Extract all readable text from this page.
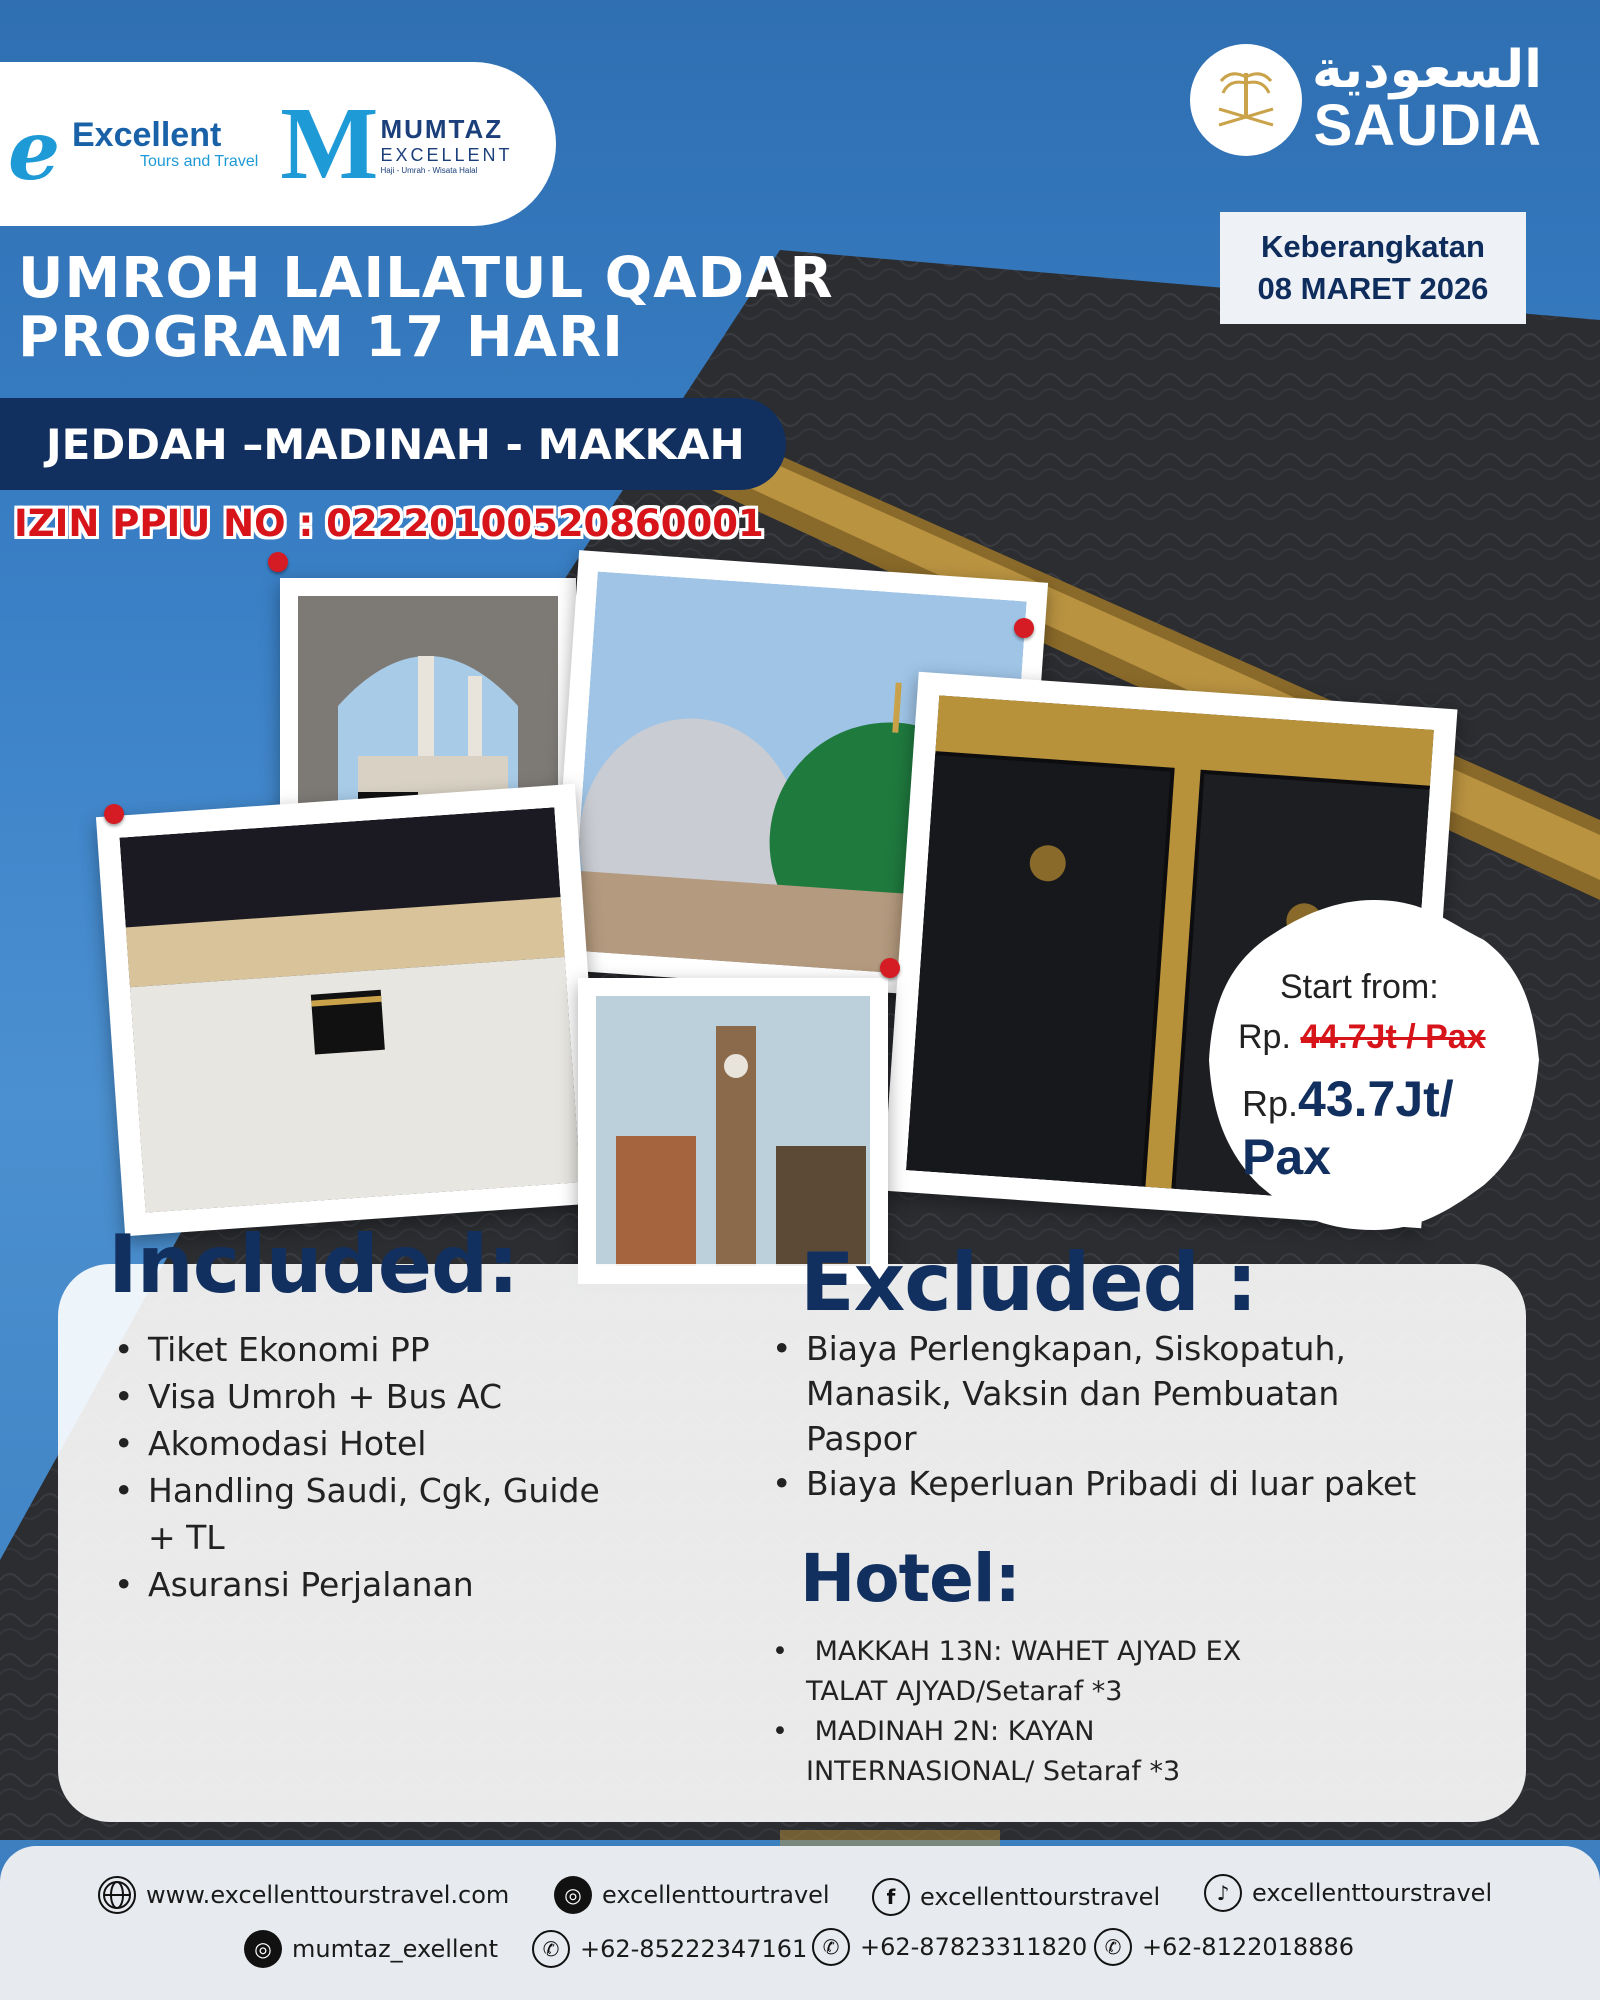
e Excellent
Tours and Travel M MUMTAZ
EXCELLENT
Haji - Umrah - Wisata Halal
السعودية
SAUDIA
Keberangkatan
08 MARET 2026
UMROH LAILATUL QADAR
PROGRAM 17 HARI
JEDDAH –MADINAH - MAKKAH
IZIN PPIU NO : 02220100520860001
Start from:
Rp. 44.7Jt / Pax
Rp.43.7Jt/ Pax
Included:	Excluded :
• Tiket Ekonomi PP
• Visa Umroh + Bus AC
• Akomodasi Hotel
• Handling Saudi, Cgk, Guide + TL
• Asuransi Perjalanan
• Biaya Perlengkapan, Siskopatuh, Manasik, Vaksin dan Pembuatan Paspor
• Biaya Keperluan Pribadi di luar paket
Hotel:
•  MAKKAH 13N: WAHET AJYAD EX TALAT AJYAD/Setaraf *3
•  MADINAH 2N: KAYAN INTERNASIONAL/ Setaraf *3
www.excellenttourstravel.com	◎ excellenttourtravel	f	excellenttourstravel	♪ excellenttourstravel
◎ mumtaz_exellent	✆ +62-85222347161 ✆ +62-87823311820 ✆ +62-8122018886
